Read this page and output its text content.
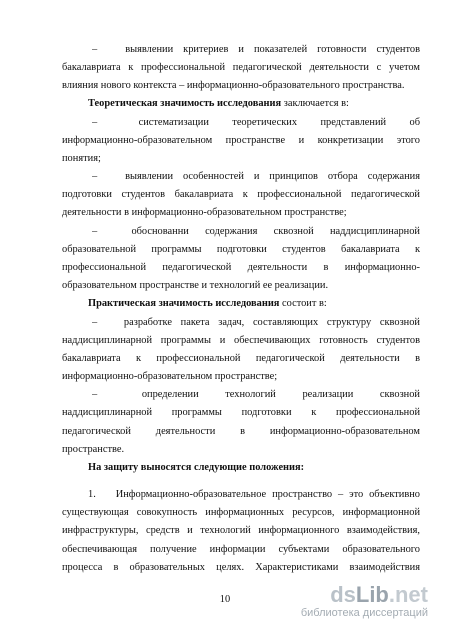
– выявлении критериев и показателей готовности студентов
бакалавриата к профессиональной педагогической деятельности с учетом
влияния нового контекста – информационно-образовательного пространства.
Теоретическая значимость исследования заключается в:
– систематизации теоретических представлений об
информационно-образовательном пространстве и конкретизации этого
понятия;
– выявлении особенностей и принципов отбора содержания
подготовки студентов бакалавриата к профессиональной педагогической
деятельности в информационно-образовательном пространстве;
– обоснованни содержания сквозной наддисциплинарной
образовательной программы подготовки студентов бакалавриата к
профессиональной педагогической деятельности в информационно-
образовательном пространстве и технологий ее реализации.
Практическая значимость исследования состоит в:
– разработке пакета задач, составляющих структуру сквозной
наддисциплинарной программы и обеспечивающих готовность студентов
бакалавриата к профессиональной педагогической деятельности в
информационно-образовательном пространстве;
– определении технологий реализации сквозной
наддисциплинарной программы подготовки к профессиональной
педагогической деятельности в информационно-образовательном
пространстве.
На защиту выносятся следующие положения:
1. Информационно-образовательное пространство – это объективно
существующая совокупность информационных ресурсов, информационной
инфраструктуры, средств и технологий информационного взаимодействия,
обеспечивающая получение информации субъектами образовательного
процесса в образовательных целях. Характеристиками взаимодействия
10	dsLib.net
библиотека диссертаций
